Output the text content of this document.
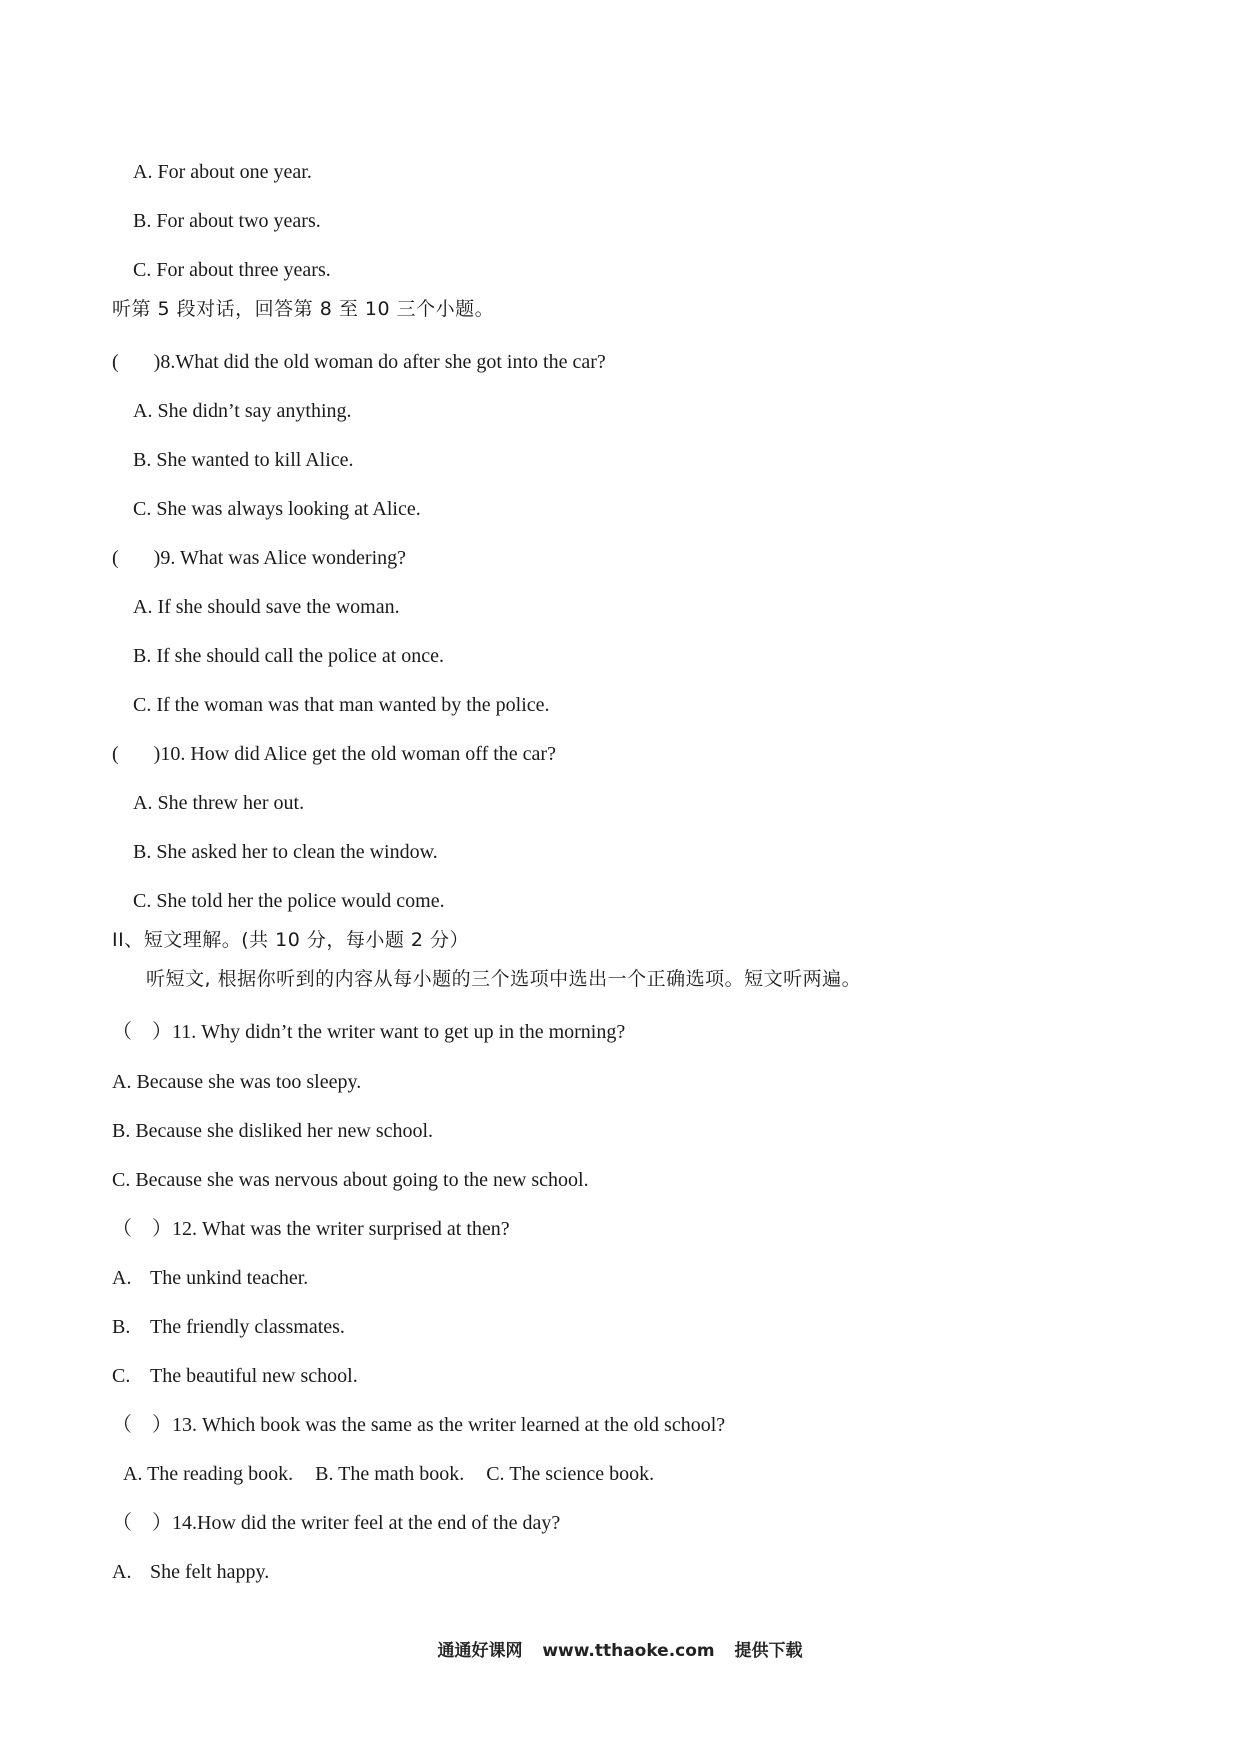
A. For about one year.
B. For about two years.
C. For about three years.
听第 5 段对话，回答第 8 至 10 三个小题。
(       )8.What did the old woman do after she got into the car?
A. She didn’t say anything.
B. She wanted to kill Alice.
C. She was always looking at Alice.
(       )9. What was Alice wondering?
A. If she should save the woman.
B. If she should call the police at once.
C. If the woman was that man wanted by the police.
(       )10. How did Alice get the old woman off the car?
A. She threw her out.
B. She asked her to clean the window.
C. She told her the police would come.
II、短文理解。(共 10 分，每小题 2 分）
听短文, 根据你听到的内容从每小题的三个选项中选出一个正确选项。短文听两遍。
（    ）11. Why didn’t the writer want to get up in the morning?
A. Because she was too sleepy.
B. Because she disliked her new school.
C. Because she was nervous about going to the new school.
（    ）12. What was the writer surprised at then?
A. The unkind teacher.
B. The friendly classmates.
C. The beautiful new school.
（    ）13. Which book was the same as the writer learned at the old school?
A. The reading book. B. The math book. C. The science book.
（    ）14.How did the writer feel at the end of the day?
A. She felt happy.
通通好课网 www.tthaoke.com 提供下载
